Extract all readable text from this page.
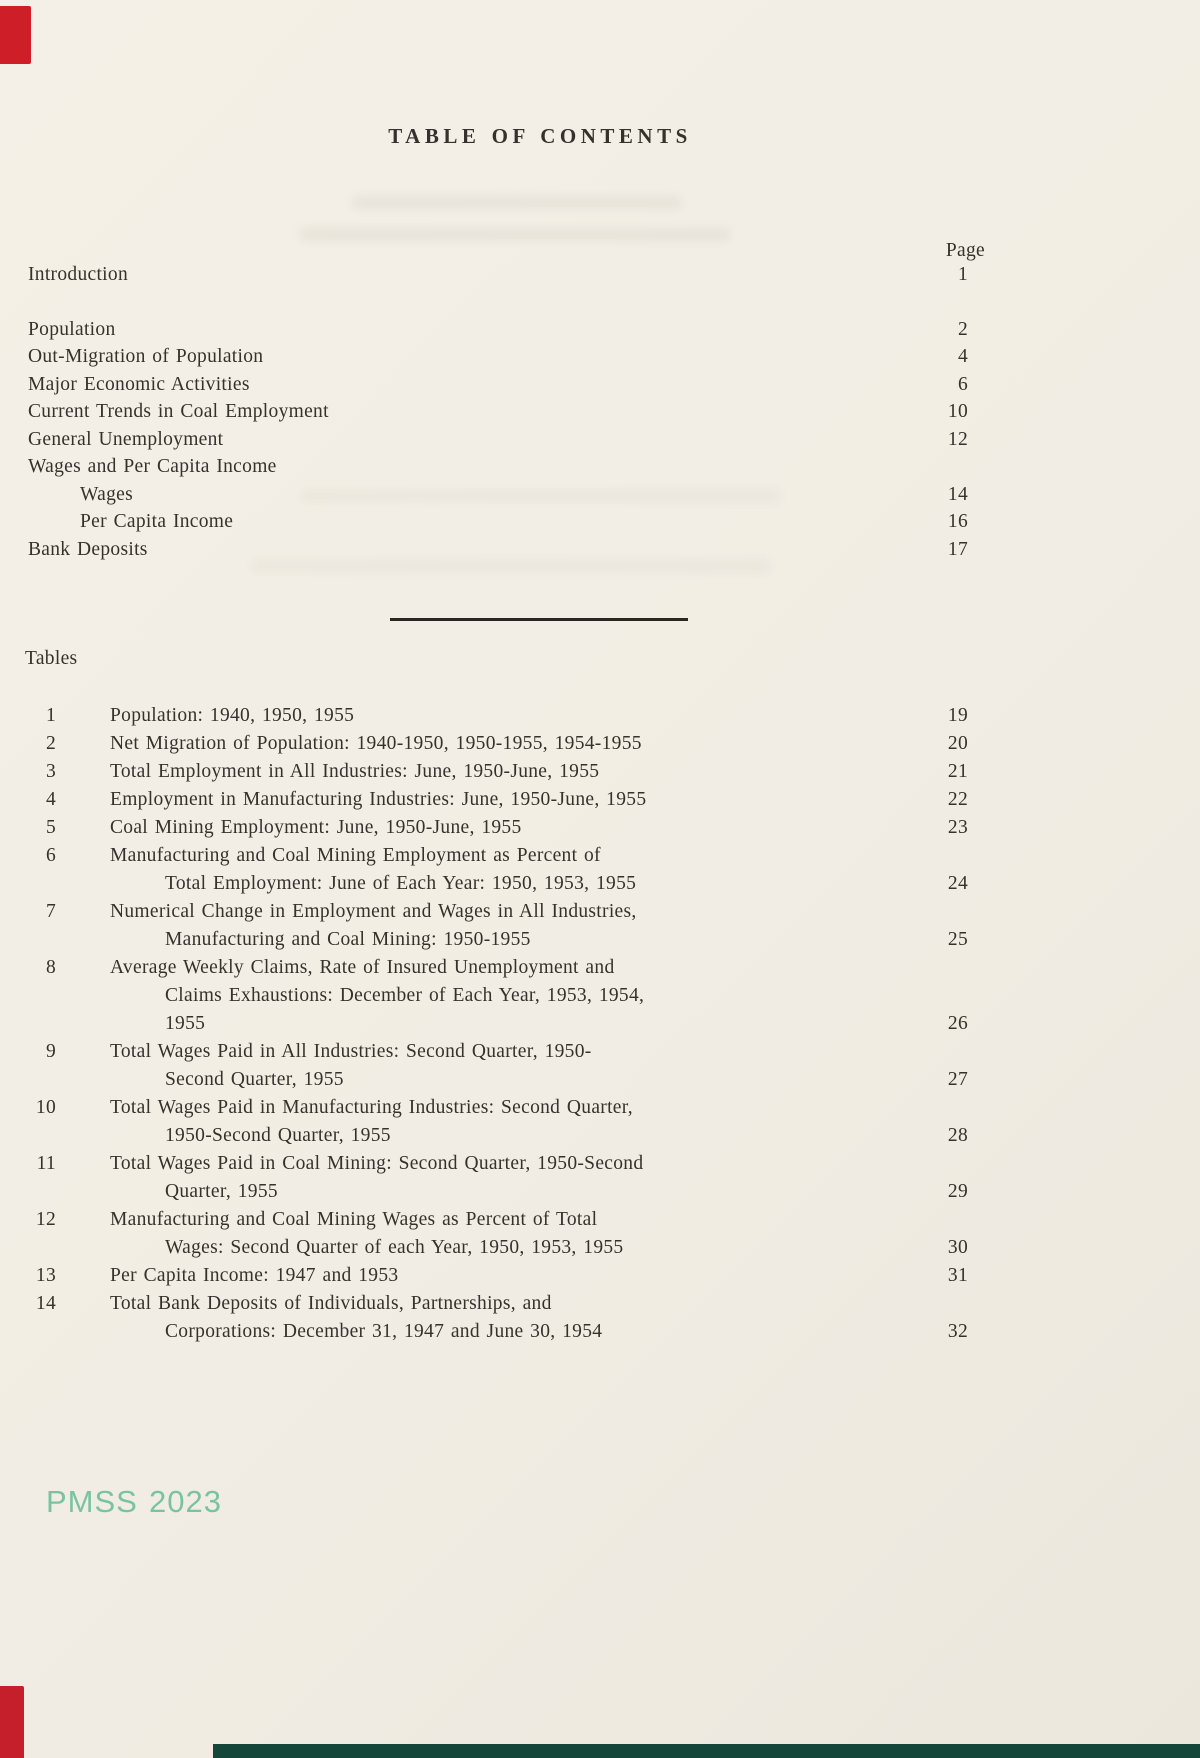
TABLE OF CONTENTS
Page
Introduction	1
Population	2
Out-Migration of Population	4
Major Economic Activities	6
Current Trends in Coal Employment	10
General Unemployment	12
Wages and Per Capita Income
Wages	14
Per Capita Income	16
Bank Deposits	17
Tables
1	Population: 1940, 1950, 1955	19
2	Net Migration of Population: 1940-1950, 1950-1955, 1954-1955	20
3	Total Employment in All Industries: June, 1950-June, 1955	21
4	Employment in Manufacturing Industries: June, 1950-June, 1955	22
5	Coal Mining Employment: June, 1950-June, 1955	23
6	Manufacturing and Coal Mining Employment as Percent of
Total Employment: June of Each Year: 1950, 1953, 1955	24
7	Numerical Change in Employment and Wages in All Industries,
Manufacturing and Coal Mining: 1950-1955	25
8	Average Weekly Claims, Rate of Insured Unemployment and
Claims Exhaustions: December of Each Year, 1953, 1954,
1955	26
9	Total Wages Paid in All Industries: Second Quarter, 1950-
Second Quarter, 1955	27
10	Total Wages Paid in Manufacturing Industries: Second Quarter,
1950-Second Quarter, 1955	28
11	Total Wages Paid in Coal Mining: Second Quarter, 1950-Second
Quarter, 1955	29
12	Manufacturing and Coal Mining Wages as Percent of Total
Wages: Second Quarter of each Year, 1950, 1953, 1955	30
13	Per Capita Income: 1947 and 1953	31
14	Total Bank Deposits of Individuals, Partnerships, and
Corporations: December 31, 1947 and June 30, 1954	32
PMSS 2023
